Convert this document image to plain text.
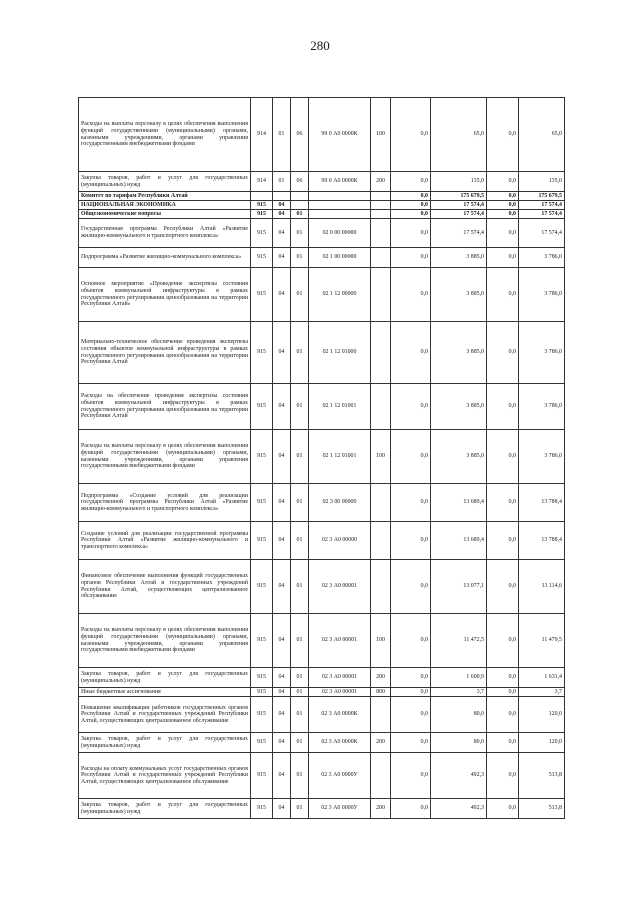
280
Расходы на выплаты персоналу в целях обеспечения выполнения функций государственными (муниципальными) органами, казенными учреждениями, органами управления государственными внебюджетными фондами	914	01	06	99 0 А0 0000К	100	0,0	65,0	0,0	65,0
Закупка товаров, работ и услуг для государственных (муниципальных) нужд	914	01	06	99 0 А0 0000К	200	0,0	135,0	0,0	135,0
Комитет по тарифам Республики Алтай						0,0	175 679,5	0,0	175 679,5
НАЦИОНАЛЬНАЯ ЭКОНОМИКА	915	04				0,0	17 574,4	0,0	17 574,4
Общеэкономические вопросы	915	04	01			0,0	17 574,4	0,0	17 574,4
Государственная программа Республики Алтай «Развитие жилищно-коммунального и транспортного комплекса»	915	04	01	02 0 00 00000		0,0	17 574,4	0,0	17 574,4
Подпрограмма «Развитие жилищно-коммунального комплекса»	915	04	01	02 1 00 00000		0,0	3 885,0	0,0	3 786,0
Основное мероприятие «Проведение экспертизы состояния объектов коммунальной инфраструктуры в рамках государственного регулирования ценообразования на территории Республики Алтай»	915	04	01	02 1 12 00000		0,0	3 885,0	0,0	3 786,0
Материально-техническое обеспечение проведения экспертизы состояния объектов коммунальной инфраструктуры в рамках государственного регулирования ценообразования на территории Республики Алтай	915	04	01	02 1 12 01000		0,0	3 885,0	0,0	3 786,0
Расходы на обеспечение проведения экспертизы состояния объектов коммунальной инфраструктуры в рамках государственного регулирования ценообразования на территории Республики Алтай	915	04	01	02 1 12 01001		0,0	3 885,0	0,0	3 786,0
Расходы на выплаты персоналу в целях обеспечения выполнения функций государственными (муниципальными) органами, казенными учреждениями, органами управления государственными внебюджетными фондами	915	04	01	02 1 12 01001	100	0,0	3 885,0	0,0	3 786,0
Подпрограмма «Создание условий для реализации государственной программы Республики Алтай «Развитие жилищно-коммунального и транспортного комплекса»	915	04	01	02 3 00 00000		0,0	13 689,4	0,0	13 788,4
Создание условий для реализации государственной программы Республики Алтай «Развитие жилищно-коммунального и транспортного комплекса»	915	04	01	02 3 А0 00000		0,0	13 689,4	0,0	13 788,4
Финансовое обеспечение выполнения функций государственных органов Республики Алтай и государственных учреждений Республики Алтай, осуществляющих централизованное обслуживание	915	04	01	02 3 А0 00001		0,0	13 077,1	0,0	13 114,6
Расходы на выплаты персоналу в целях обеспечения выполнения функций государственными (муниципальными) органами, казенными учреждениями, органами управления государственными внебюджетными фондами	915	04	01	02 3 А0 00001	100	0,0	11 472,5	0,0	11 479,5
Закупка товаров, работ и услуг для государственных (муниципальных) нужд	915	04	01	02 3 А0 00001	200	0,0	1 600,9	0,0	1 631,4
Иные бюджетные ассигнования	915	04	01	02 3 А0 00001	800	0,0	3,7	0,0	3,7
Повышение квалификации работников государственных органов Республики Алтай и государственных учреждений Республики Алтай, осуществляющих централизованное обслуживание	915	04	01	02 3 А0 0000К		0,0	80,0	0,0	120,0
Закупка товаров, работ и услуг для государственных (муниципальных) нужд	915	04	01	02 3 А0 0000К	200	0,0	80,0	0,0	120,0
Расходы на оплату коммунальных услуг государственных органов Республики Алтай и государственных учреждений Республики Алтай, осуществляющих централизованное обслуживание	915	04	01	02 3 А0 0000У		0,0	492,3	0,0	513,8
Закупка товаров, работ и услуг для государственных (муниципальных) нужд	915	04	01	02 3 А0 0000У	200	0,0	492,3	0,0	513,8
